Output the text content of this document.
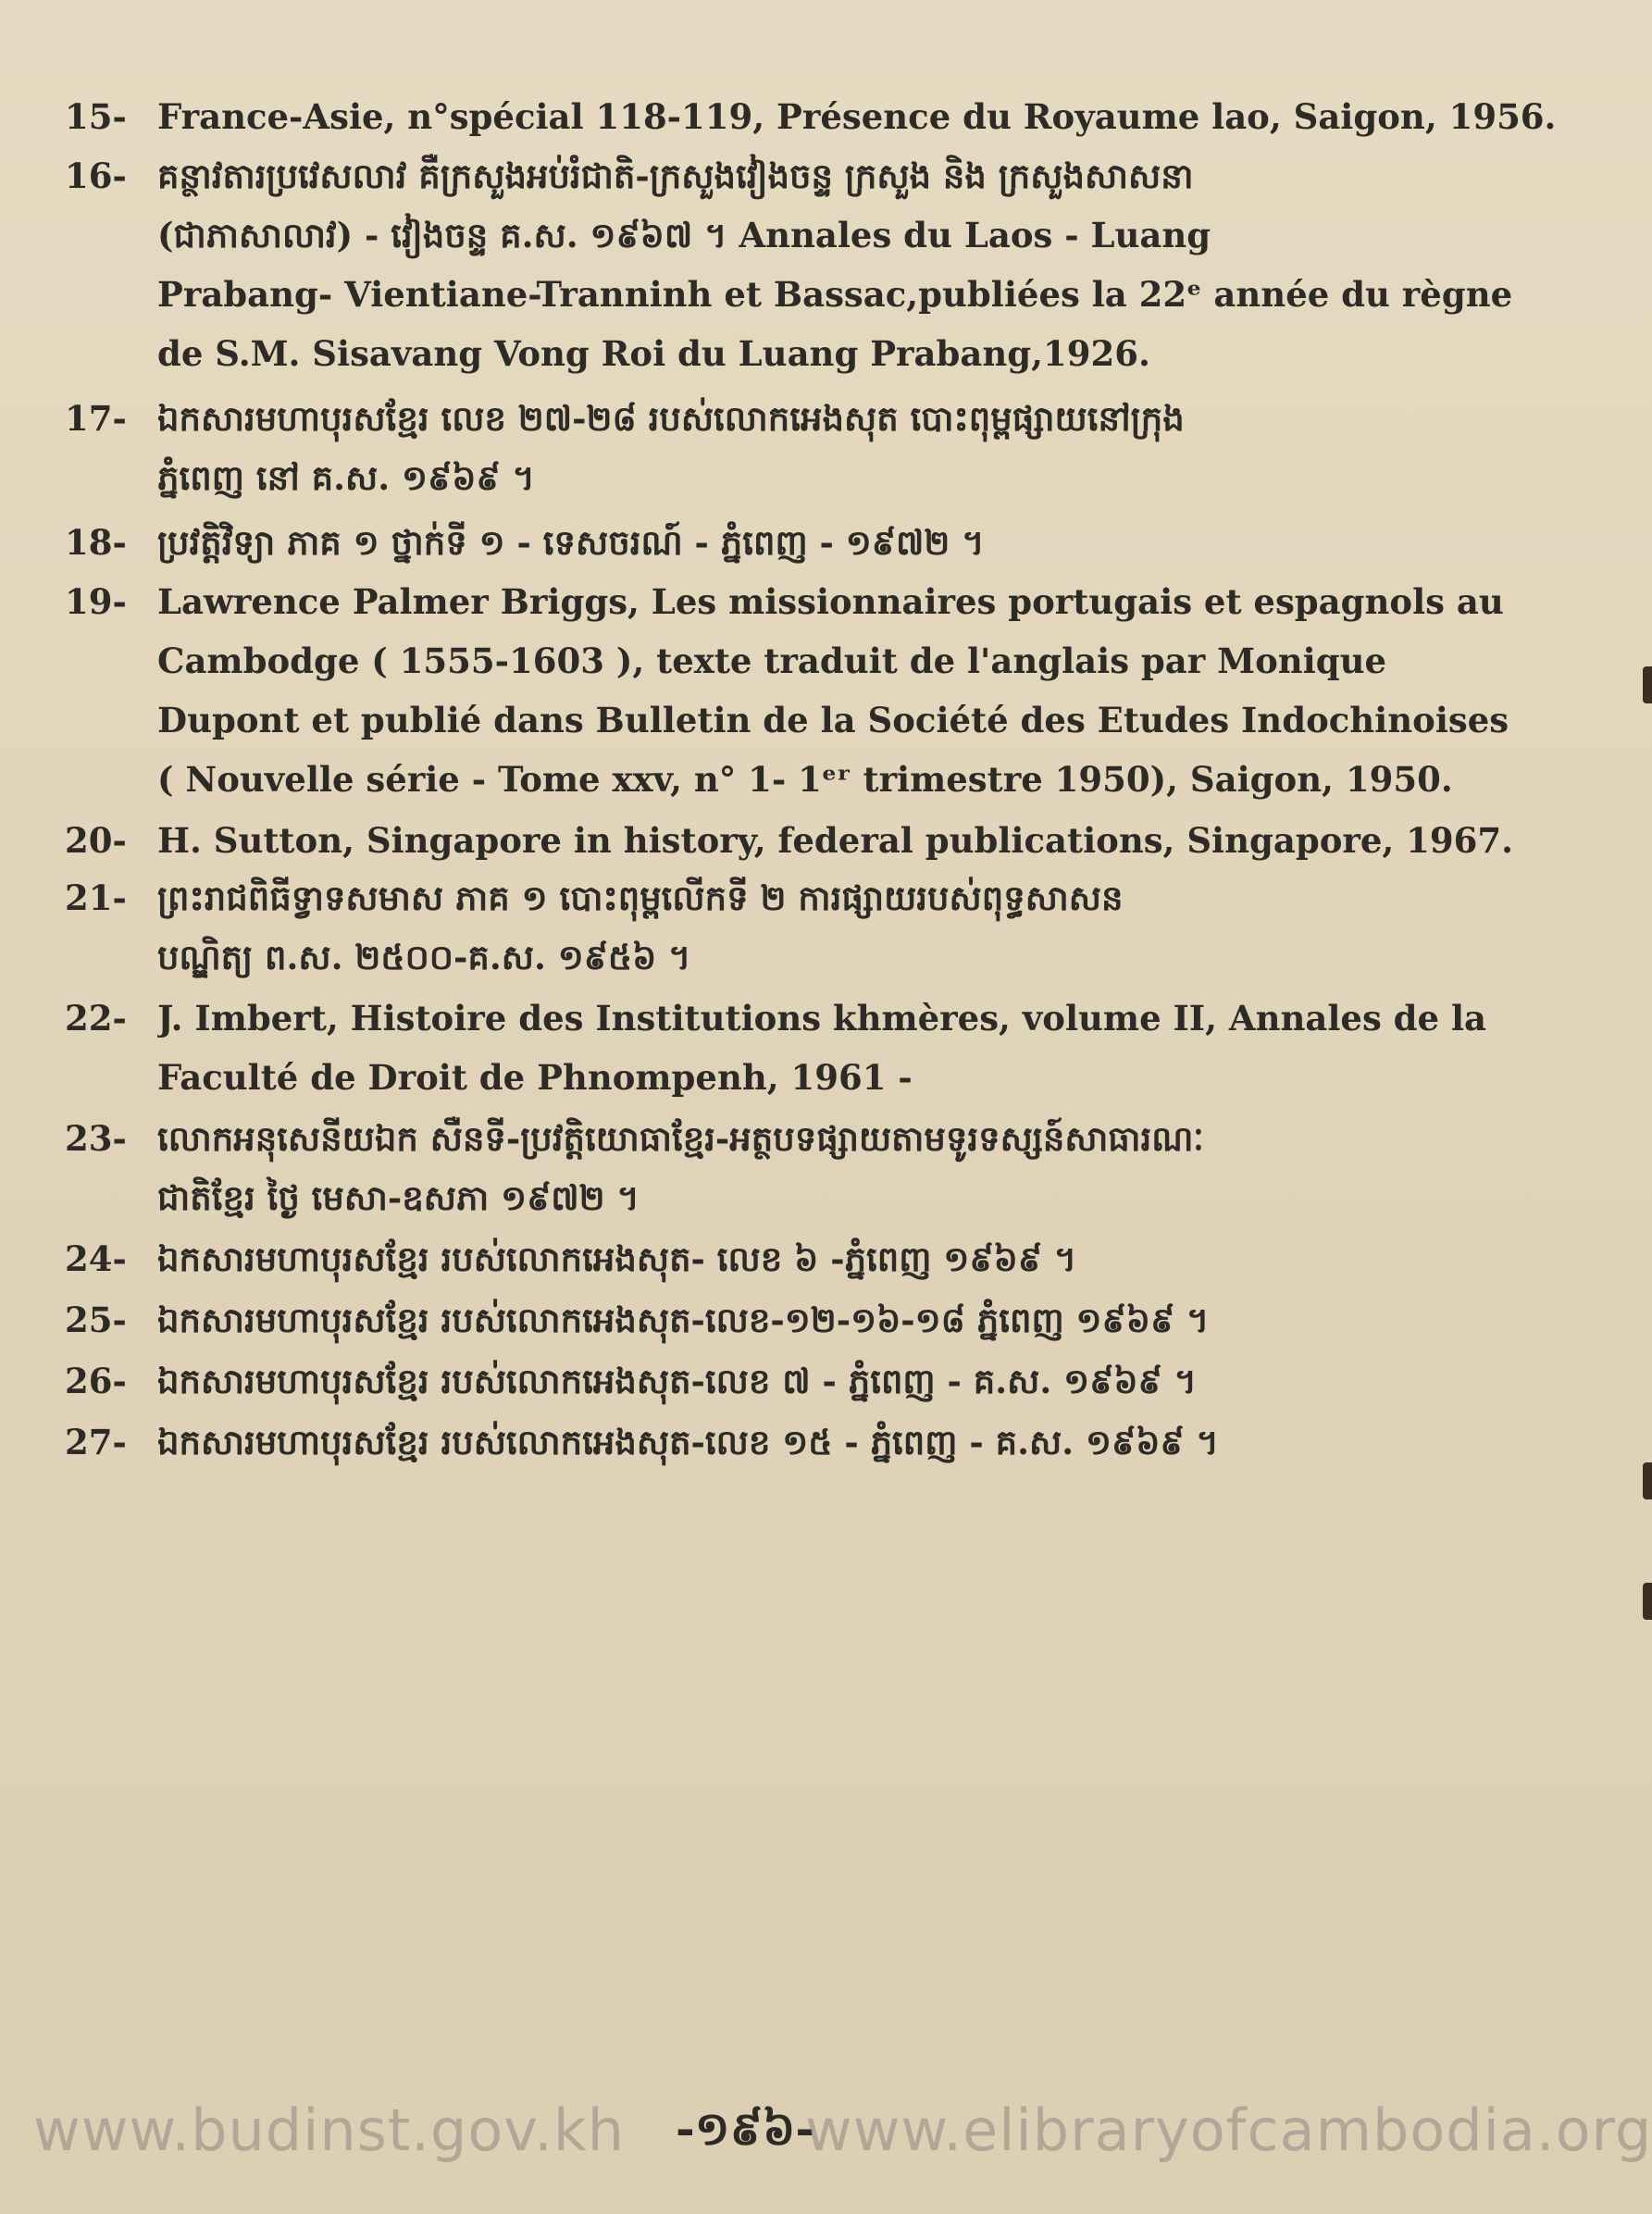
15- France-Asie, n°spécial 118-119, Présence du Royaume lao, Saigon, 1956.
16- គន្ថាវតារប្រវេសលាវ គឺក្រសួងអប់រំជាតិ-ក្រសួងវៀងចន្ទ ក្រសួង និង ក្រសួងសាសនា
(ជាភាសាលាវ) - វៀងចន្ទ គ.ស. ១៩៦៧ ។ Annales du Laos - Luang
Prabang- Vientiane-Tranninh et Bassac,publiées la 22ᵉ année du règne
de S.M. Sisavang Vong Roi du Luang Prabang,1926.
17- ឯកសារមហាបុរសខ្មែរ លេខ ២៧-២៨ របស់លោកអេងសុត បោះពុម្ពផ្សាយនៅក្រុង
ភ្នំពេញ នៅ គ.ស. ១៩៦៩ ។
18- ប្រវត្តិវិទ្យា ភាគ ១ ថ្នាក់ទី ១ - ទេសចរណ៍ - ភ្នំពេញ - ១៩៧២ ។
19- Lawrence Palmer Briggs, Les missionnaires portugais et espagnols au
Cambodge ( 1555-1603 ), texte traduit de l'anglais par Monique
Dupont et publié dans Bulletin de la Société des Etudes Indochinoises
( Nouvelle série - Tome xxv, n° 1- 1ᵉʳ trimestre 1950), Saigon, 1950.
20- H. Sutton, Singapore in history, federal publications, Singapore, 1967.
21- ព្រះរាជពិធីទ្វាទសមាស ភាគ ១ បោះពុម្ពលើកទី ២ ការផ្សាយរបស់ពុទ្ធសាសន
បណ្ឌិត្យ ព.ស. ២៥០០-គ.ស. ១៩៥៦ ។
22- J. Imbert, Histoire des Institutions khmères, volume II, Annales de la
Faculté de Droit de Phnompenh, 1961 -
23- លោកអនុសេនីយឯក សឺនទី-ប្រវត្តិយោធាខ្មែរ-អត្ថបទផ្សាយតាមទូរទស្សន៍សាធារណៈ
ជាតិខ្មែរ ថ្ងៃ មេសា-ឧសភា ១៩៧២ ។
24- ឯកសារមហាបុរសខ្មែរ របស់លោកអេងសុត- លេខ ៦ -ភ្នំពេញ ១៩៦៩ ។
25- ឯកសារមហាបុរសខ្មែរ របស់លោកអេងសុត-លេខ-១២-១៦-១៨ ភ្នំពេញ ១៩៦៩ ។
26- ឯកសារមហាបុរសខ្មែរ របស់លោកអេងសុត-លេខ ៧ - ភ្នំពេញ - គ.ស. ១៩៦៩ ។
27- ឯកសារមហាបុរសខ្មែរ របស់លោកអេងសុត-លេខ ១៥ - ភ្នំពេញ - គ.ស. ១៩៦៩ ។
www.budinst.gov.kh -១៩៦-
www.elibraryofcambodia.org
